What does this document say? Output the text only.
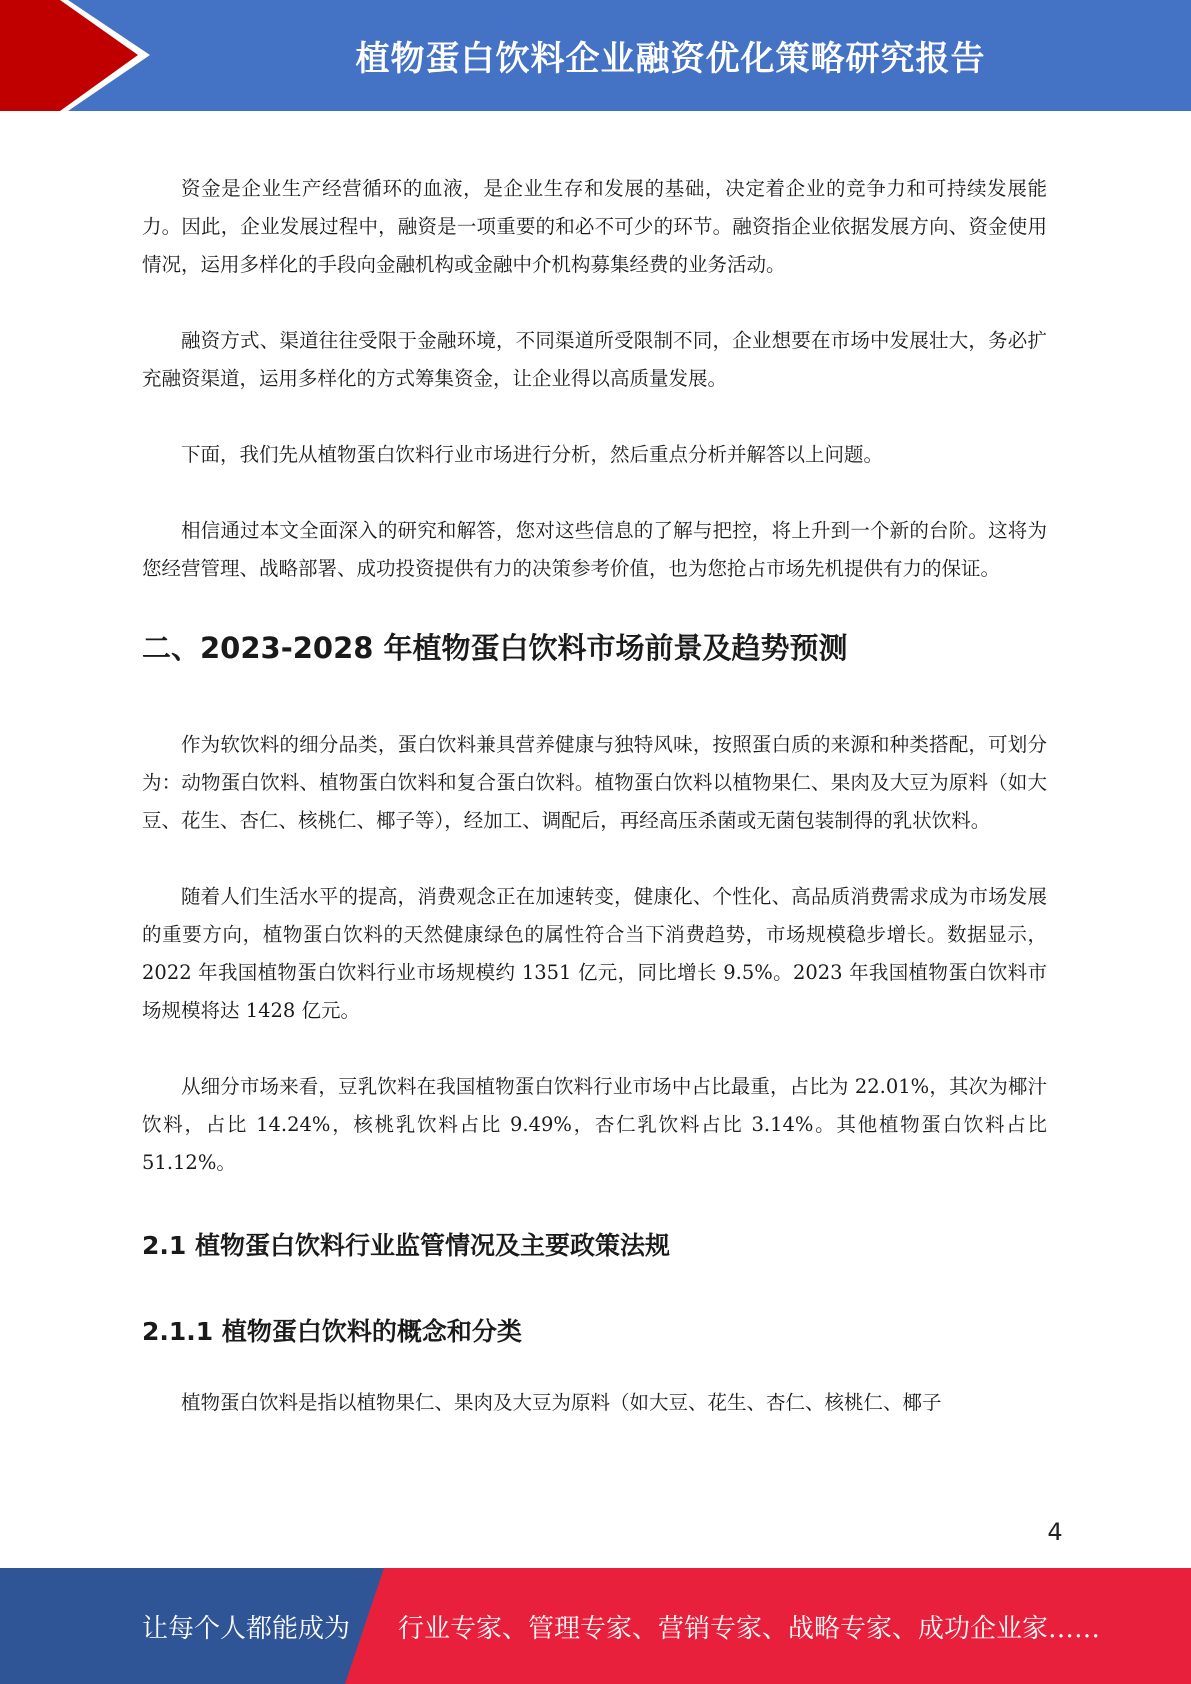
植物蛋白饮料企业融资优化策略研究报告

资金是企业生产经营循环的血液，是企业生存和发展的基础，决定着企业的竞争力和可持续发展能力。因此，企业发展过程中，融资是一项重要的和必不可少的环节。融资指企业依据发展方向、资金使用情况，运用多样化的手段向金融机构或金融中介机构募集经费的业务活动。

融资方式、渠道往往受限于金融环境，不同渠道所受限制不同，企业想要在市场中发展壮大，务必扩充融资渠道，运用多样化的方式筹集资金，让企业得以高质量发展。

下面，我们先从植物蛋白饮料行业市场进行分析，然后重点分析并解答以上问题。

相信通过本文全面深入的研究和解答，您对这些信息的了解与把控，将上升到一个新的台阶。这将为您经营管理、战略部署、成功投资提供有力的决策参考价值，也为您抢占市场先机提供有力的保证。

二、2023-2028 年植物蛋白饮料市场前景及趋势预测

作为软饮料的细分品类，蛋白饮料兼具营养健康与独特风味，按照蛋白质的来源和种类搭配，可划分为：动物蛋白饮料、植物蛋白饮料和复合蛋白饮料。植物蛋白饮料以植物果仁、果肉及大豆为原料（如大豆、花生、杏仁、核桃仁、椰子等），经加工、调配后，再经高压杀菌或无菌包装制得的乳状饮料。

随着人们生活水平的提高，消费观念正在加速转变，健康化、个性化、高品质消费需求成为市场发展的重要方向，植物蛋白饮料的天然健康绿色的属性符合当下消费趋势，市场规模稳步增长。数据显示，2022 年我国植物蛋白饮料行业市场规模约 1351 亿元，同比增长 9.5%。2023 年我国植物蛋白饮料市场规模将达 1428 亿元。

从细分市场来看，豆乳饮料在我国植物蛋白饮料行业市场中占比最重，占比为 22.01%，其次为椰汁饮料，占比 14.24%，核桃乳饮料占比 9.49%，杏仁乳饮料占比 3.14%。其他植物蛋白饮料占比 51.12%。

2.1 植物蛋白饮料行业监管情况及主要政策法规
2.1.1 植物蛋白饮料的概念和分类

植物蛋白饮料是指以植物果仁、果肉及大豆为原料（如大豆、花生、杏仁、核桃仁、椰子

4
让每个人都能成为 行业专家、管理专家、营销专家、战略专家、成功企业家……
